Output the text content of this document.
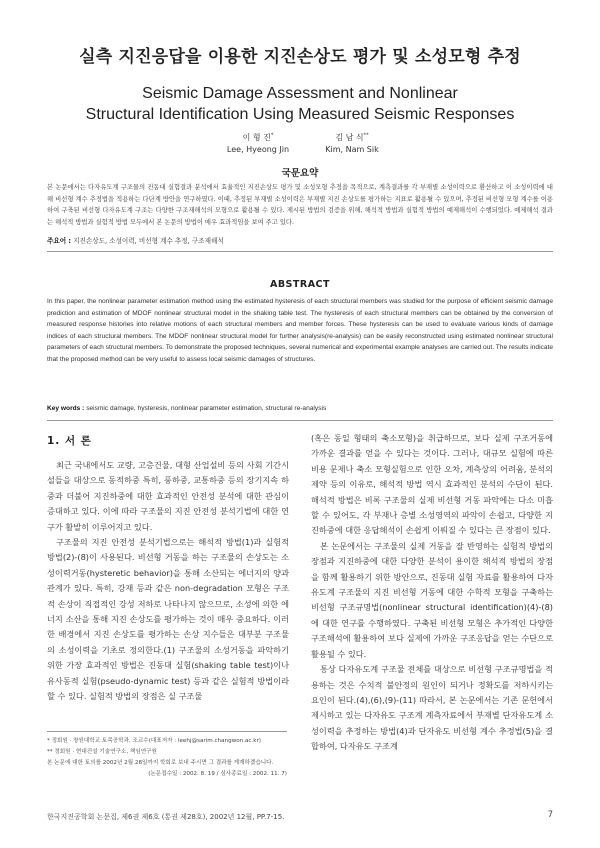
실측 지진응답을 이용한 지진손상도 평가 및 소성모형 추정
Seismic Damage Assessment and Nonlinear
Structural Identification Using Measured Seismic Responses
이 형 진*
Lee, Hyeong Jin
김 남 식**
Kim, Nam Sik
국문요약
본 논문에서는 다자유도계 구조물의 진동대 실험결과 분석에서 효율적인 지진손상도 평가 및 소성모형 추정을 목적으로, 계측결과를 각 부재별 소성이력으로 환산하고 이 소성이력에 대해 비선형 계수 추정법을 적용하는 다단계 방안을 연구하였다. 이때, 추정된 부재별 소성이력은 부재별 지진 손상도를 평가하는 지표로 활용될 수 있으며, 추정된 비선형 모형 계수를 이용하여 구축된 비선형 다자유도계 구조는 다양한 구조재해석의 모형으로 활용될 수 있다. 제시된 방법의 검증을 위해, 해석적 방법과 실험적 방법의 예제해석이 수행되었다. 예제해석 결과는 해석적 방법과 실험적 방법 모두에서 본 논문의 방법이 매우 효과적임을 보여 주고 있다.
주요어 : 지진손상도, 소성이력, 비선형 계수 추정, 구조재해석
ABSTRACT
In this paper, the nonlinear parameter estimation method using the estimated hysteresis of each structural members was studied for the purpose of efficient seismic damage prediction and estimation of MDOF nonlinear structural model in the shaking table test. The hysteresis of each structural members can be obtained by the conversion of measured response histories into relative motions of each structural members and member forces. These hysteresis can be used to evaluate various kinds of damage indices of each structural members. The MDOF nonlinear structural model for further analysis(re-analysis) can be easily reconstructed using estimated nonlinear structural parameters of each structural members. To demonstrate the proposed techniques, several numerical and experimental example analyses are carried out. The results indicate that the proposed method can be very useful to assess local seismic damages of structures.
Key words : seismic damage, hysteresis, nonlinear parameter estimation, structural re-analysis
1. 서 론

최근 국내에서도 교량, 고층건물, 대형 산업설비 등의 사회 기간시설들을 대상으로 동적하중 특히, 풍하중, 교통하중 등의 장기지속 하중과 더불어 지진하중에 대한 효과적인 안전성 분석에 대한 관심이 증대하고 있다. 이에 따라 구조물의 지진 안전성 분석기법에 대한 연구가 활발히 이루어지고 있다.

구조물의 지진 안전성 분석기법으로는 해석적 방법(1)과 실험적 방법(2)-(8)이 사용된다. 비선형 거동을 하는 구조물의 손상도는 소성이력거동(hysteretic behavior)을 통해 소산되는 에너지의 양과 관계가 있다. 특히, 강재 등과 같은 non-degradation 모형은 구조적 손상이 직접적인 강성 저하로 나타나지 않으므로, 소성에 의한 에너지 소산을 통해 지진 손상도를 평가하는 것이 매우 중요하다. 이러한 배경에서 지진 손상도를 평가하는 손상 지수들은 대부분 구조물의 소성이력을 기초로 정의한다.(1) 구조물의 소성거동을 파악하기 위한 가장 효과적인 방법은 진동대 실험(shaking table test)이나 유사동적 실험(pseudo-dynamic test) 등과 같은 실험적 방법이라 할 수 있다. 실험적 방법의 장점은 실 구조물

(혹은 동일 형태의 축소모형)을 취급하므로, 보다 실제 구조거동에 가까운 결과를 얻을 수 있다는 것이다. 그러나, 대규모 실험에 따른 비용 문제나 축소 모형실험으로 인한 오차, 계측상의 어려움, 분석의 제약 등의 이유로, 해석적 방법 역시 효과적인 분석의 수단이 된다. 해석적 방법은 비록 구조물의 실제 비선형 거동 파악에는 다소 미흡할 수 있어도, 각 부재나 층별 소성영역의 파악이 손쉽고, 다양한 지진하중에 대한 응답해석이 손쉽게 이뤄질 수 있다는 큰 장점이 있다.

본 논문에서는 구조물의 실제 거동을 잘 반영하는 실험적 방법의 장점과 지진하중에 대한 다양한 분석이 용이한 해석적 방법의 장점을 함께 활용하기 위한 방안으로, 진동대 실험 자료를 활용하여 다자유도계 구조물의 지진 비선형 거동에 대한 수학적 모형을 구축하는 비선형 구조규명법(nonlinear structural identification)(4)-(8)에 대한 연구를 수행하였다. 구축된 비선형 모형은 추가적인 다양한 구조해석에 활용하여 보다 실제에 가까운 구조응답을 얻는 수단으로 활용될 수 있다.

통상 다자유도계 구조물 전체를 대상으로 비선형 구조규명법을 적용하는 것은 수치적 불안정의 원인이 되거나 정확도를 저하시키는 요인이 된다.(4),(6),(9)-(11) 따라서, 본 논문에서는 기존 문헌에서 제시하고 있는 다자유도 구조계 계측자료에서 부재별 단자유도계 소성이력을 추정하는 방법(4)과 단자유도 비선형 계수 추정법(5)을 결합하여, 다자유도 구조계

* 정회원 · 창원대학교 토목공학과, 조교수(대표저자 : leehj@sarim.changwon.ac.kr)
** 정회원 · 현대건설 기술연구소, 책임연구원
본 논문에 대한 토의를 2002년 2월 28일까지 학회로 보내 주시면 그 결과를 게재하겠습니다.
(논문접수일 : 2002. 8. 19 / 심사종료일 : 2002. 11. 7)
한국지진공학회 논문집, 제6권 제6호 (통권 제28호), 2002년 12월, PP.7-15.	7
